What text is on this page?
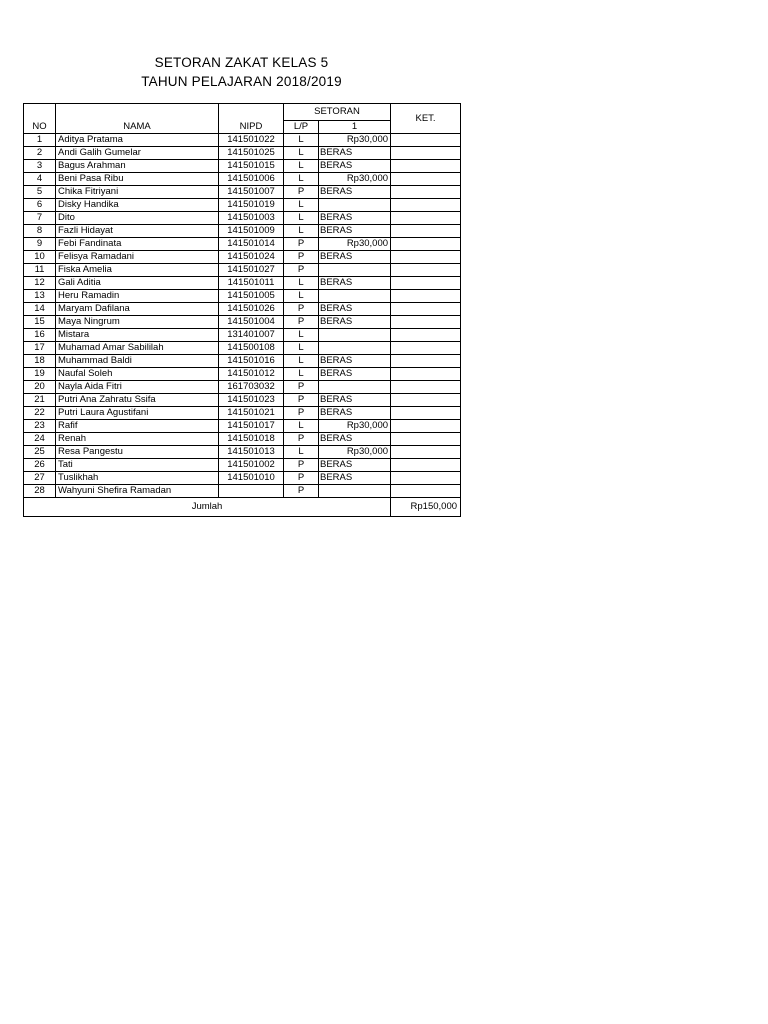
SETORAN ZAKAT KELAS 5
TAHUN PELAJARAN 2018/2019
NO	NAMA	NIPD	SETORAN		KET.
			L/P	1	
1	Aditya Pratama	141501022	L	Rp30,000	
2	Andi Galih Gumelar	141501025	L	BERAS	
3	Bagus Arahman	141501015	L	BERAS	
4	Beni Pasa Ribu	141501006	L	Rp30,000	
5	Chika Fitriyani	141501007	P	BERAS	
6	Disky Handika	141501019	L		
7	Dito	141501003	L	BERAS	
8	Fazli Hidayat	141501009	L	BERAS	
9	Febi Fandinata	141501014	P	Rp30,000	
10	Felisya Ramadani	141501024	P	BERAS	
11	Fiska Amelia	141501027	P		
12	Gali Aditia	141501011	L	BERAS	
13	Heru Ramadin	141501005	L		
14	Maryam Dafilana	141501026	P	BERAS	
15	Maya Ningrum	141501004	P	BERAS	
16	Mistara	131401007	L		
17	Muhamad Amar Sabililah	141500108	L		
18	Muhammad Baldi	141501016	L	BERAS	
19	Naufal Soleh	141501012	L	BERAS	
20	Nayla Aida Fitri	161703032	P		
21	Putri Ana Zahratu Ssifa	141501023	P	BERAS	
22	Putri Laura Agustifani	141501021	P	BERAS	
23	Rafif	141501017	L	Rp30,000	
24	Renah	141501018	P	BERAS	
25	Resa Pangestu	141501013	L	Rp30,000	
26	Tati	141501002	P	BERAS	
27	Tuslikhah	141501010	P	BERAS	
28	Wahyuni Shefira Ramadan		P		
Jumlah					Rp150,000
